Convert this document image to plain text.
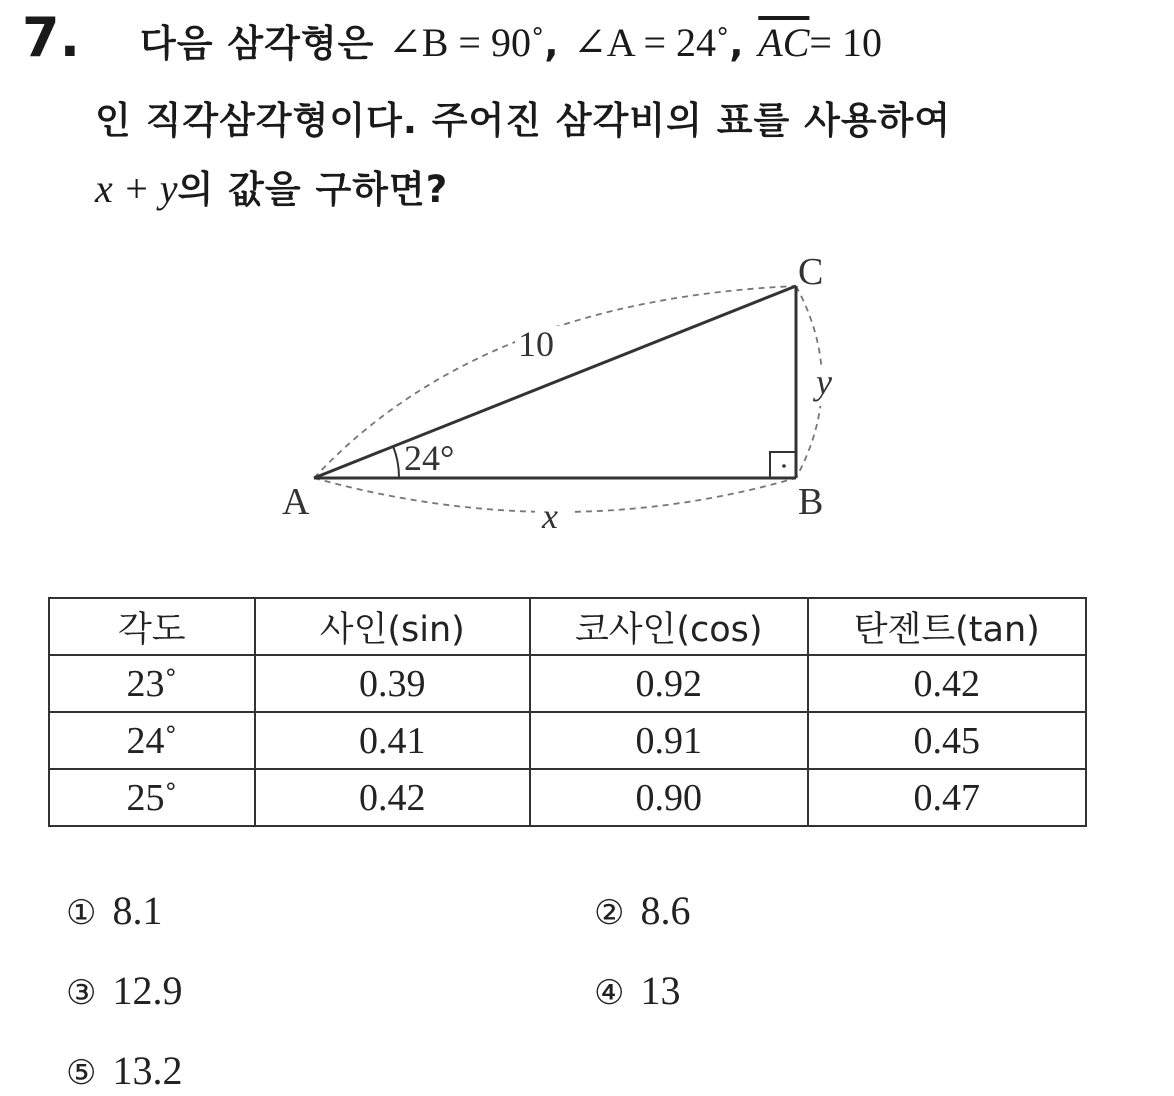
7. 다음 삼각형은 ∠B = 90˚, ∠A = 24˚, $\overline{AC}= 10$
인 직각삼각형이다. 주어진 삼각비의 표를 사용하여
x + y의 값을 구하면?
A	B
C
10
24°
x
y
각도	사인(sin)	코사인(cos)	탄젠트(tan)
23˚	0.39	0.92	0.42
24˚	0.41	0.91	0.45
25˚	0.42	0.90	0.47
① 8.1	② 8.6
③ 12.9	④ 13
⑤ 13.2
